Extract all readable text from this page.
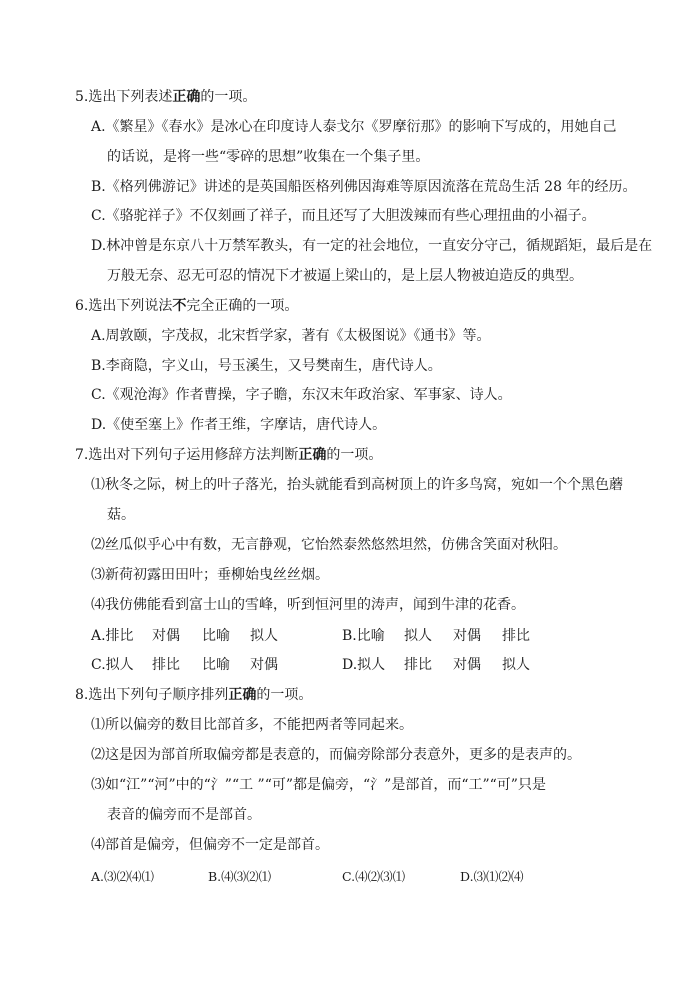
5.选出下列表述正确的一项。
A.《繁星》《春水》是冰心在印度诗人泰戈尔《罗摩衍那》的影响下写成的，用她自己
的话说，是将一些“零碎的思想”收集在一个集子里。
B.《格列佛游记》讲述的是英国船医格列佛因海难等原因流落在荒岛生活 28 年的经历。
C.《骆驼祥子》不仅刻画了祥子，而且还写了大胆泼辣而有些心理扭曲的小福子。
D.林冲曾是东京八十万禁军教头，有一定的社会地位，一直安分守己，循规蹈矩，最后是在
万般无奈、忍无可忍的情况下才被逼上梁山的，是上层人物被迫造反的典型。
6.选出下列说法不完全正确的一项。
A.周敦颐，字茂叔，北宋哲学家，著有《太极图说》《通书》等。
B.李商隐，字义山，号玉溪生，又号樊南生，唐代诗人。
C.《观沧海》作者曹操，字子瞻，东汉末年政治家、军事家、诗人。
D.《使至塞上》作者王维，字摩诘，唐代诗人。
7.选出对下列句子运用修辞方法判断正确的一项。
⑴秋冬之际，树上的叶子落光，抬头就能看到高树顶上的许多鸟窝，宛如一个个黑色蘑
菇。
⑵丝瓜似乎心中有数，无言静观，它怡然泰然悠然坦然，仿佛含笑面对秋阳。
⑶新荷初露田田叶；垂柳始曳丝丝烟。
⑷我仿佛能看到富士山的雪峰，听到恒河里的涛声，闻到牛津的花香。
A.排比 对偶 比喻 拟人	B.比喻 拟人 对偶 排比
C.拟人 排比 比喻 对偶	D.拟人 排比 对偶 拟人
8.选出下列句子顺序排列正确的一项。
⑴所以偏旁的数目比部首多，不能把两者等同起来。
⑵这是因为部首所取偏旁都是表意的，而偏旁除部分表意外，更多的是表声的。
⑶如“江”“河”中的“氵”“工 ”“可”都是偏旁，“氵”是部首，而“工”“可”只是
表音的偏旁而不是部首。
⑷部首是偏旁，但偏旁不一定是部首。
A.⑶⑵⑷⑴	B.⑷⑶⑵⑴	C.⑷⑵⑶⑴	D.⑶⑴⑵⑷
